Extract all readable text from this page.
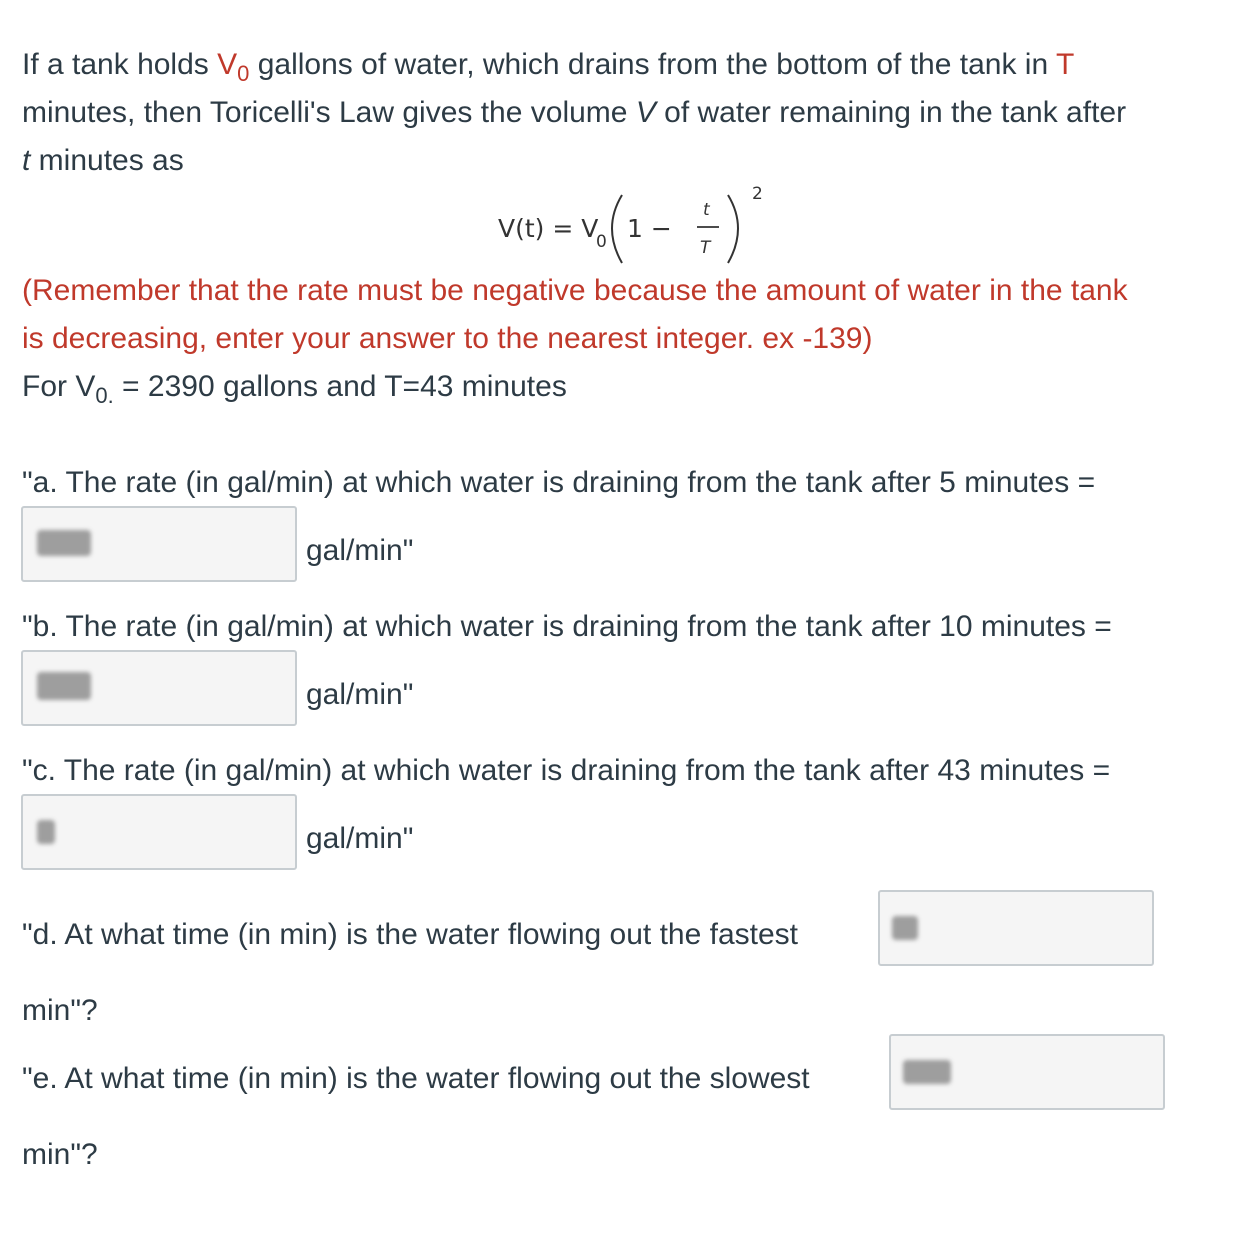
If a tank holds $V_0$ gallons of water, which drains from the bottom of the tank in T
minutes, then Toricelli's Law gives the volume V of water remaining in the tank after
t minutes as
V(t) = V
0 1 −
t
T
2
(Remember that the rate must be negative because the amount of water in the tank
is decreasing, enter your answer to the nearest integer. ex -139)
For $V_{0.} = 2390$ gallons and T=43 minutes
"a. The rate (in gal/min) at which water is draining from the tank after 5 minutes =
gal/min"
"b. The rate (in gal/min) at which water is draining from the tank after 10 minutes =
gal/min"
"c. The rate (in gal/min) at which water is draining from the tank after 43 minutes =
gal/min"
"d. At what time (in min) is the water flowing out the fastest
min"?
"e. At what time (in min) is the water flowing out the slowest
min"?
